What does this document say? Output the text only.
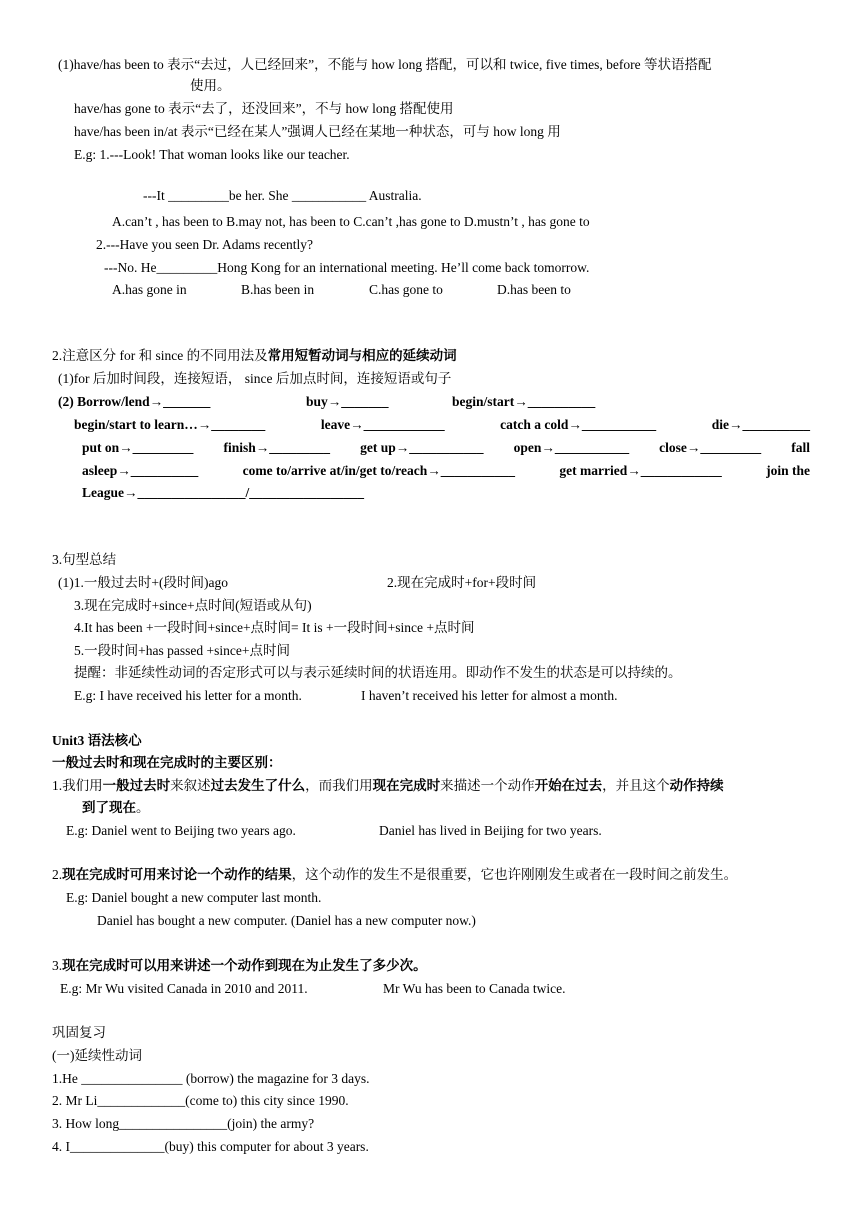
(1)have/has been to 表示“去过，人已经回来”，不能与 how long 搭配，可以和 twice, five times, before 等状语搭配
使用。
have/has gone to 表示“去了，还没回来”，不与 how long 搭配使用
have/has been in/at 表示“已经在某人”强调人已经在某地一种状态，可与 how long 用
E.g: 1.---Look! That woman looks like our teacher.
---It _________be her. She ___________ Australia.
A.can’t , has been to B.may not, has been to C.can’t ,has gone to D.mustn’t , has gone to
2.---Have you seen Dr. Adams recently?
---No. He_________Hong Kong for an international meeting. He’ll come back tomorrow.
A.has gone in	B.has been in	C.has gone to	D.has been to
2.注意区分 for 和 since 的不同用法及常用短暂动词与相应的延续动词
(1)for 后加时间段，连接短语， since 后加点时间，连接短语或句子
(2) Borrow/lend→_______	buy→_______	begin/start→__________
begin/start to learn…→________	leave→____________	catch a cold→___________	die→__________
put on→_________ finish→_________ get up→___________ open→___________ close→_________ fall
asleep→__________	come to/arrive at/in/get to/reach→___________	get married→____________	join the
League→________________/_________________
3.句型总结
(1)1.一般过去时+(段时间)ago	2.现在完成时+for+段时间
3.现在完成时+since+点时间(短语或从句)
4.It has been +一段时间+since+点时间= It is +一段时间+since +点时间
5.一段时间+has passed +since+点时间
提醒：非延续性动词的否定形式可以与表示延续时间的状语连用。即动作不发生的状态是可以持续的。
E.g: I have received his letter for a month.	I haven’t received his letter for almost a month.
Unit3 语法核心
一般过去时和现在完成时的主要区别：
1.我们用一般过去时来叙述过去发生了什么，而我们用现在完成时来描述一个动作开始在过去，并且这个动作持续
到了现在。
E.g: Daniel went to Beijing two years ago.	Daniel has lived in Beijing for two years.
2.现在完成时可用来讨论一个动作的结果，这个动作的发生不是很重要，它也许刚刚发生或者在一段时间之前发生。
E.g: Daniel bought a new computer last month.
Daniel has bought a new computer. (Daniel has a new computer now.)
3.现在完成时可以用来讲述一个动作到现在为止发生了多少次。
E.g: Mr Wu visited Canada in 2010 and 2011.	Mr Wu has been to Canada twice.
巩固复习
(一)延续性动词
1.He _______________ (borrow) the magazine for 3 days.
2. Mr Li_____________(come to) this city since 1990.
3. How long________________(join) the army?
4. I______________(buy) this computer for about 3 years.
